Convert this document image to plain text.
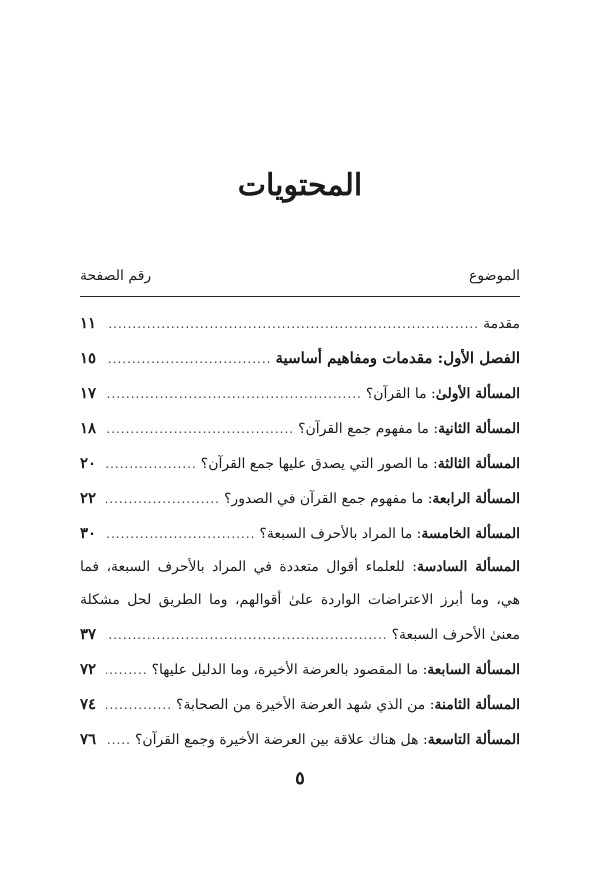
المحتويات
الموضوع
رقم الصفحة
مقدمة
.....
١١
الفصل الأول: مقدمات ومفاهيم أساسية
.....
١٥
المسألة الأولىٰ: ما القرآن؟
.....
١٧
المسألة الثانية: ما مفهوم جمع القرآن؟
.....
١٨
المسألة الثالثة: ما الصور التي يصدق عليها جمع القرآن؟
.....
٢٠
المسألة الرابعة: ما مفهوم جمع القرآن في الصدور؟
.....
٢٢
المسألة الخامسة: ما المراد بالأحرف السبعة؟
.....
٣٠
المسألة السادسة: للعلماء أقوال متعددة في المراد بالأحرف السبعة، فما
هي، وما أبرز الاعتراضات الواردة علىٰ أقوالهم، وما الطريق لحل مشكلة
معنىٰ الأحرف السبعة؟
.....
٣٧
المسألة السابعة: ما المقصود بالعرضة الأخيرة، وما الدليل عليها؟
.....
٧٢
المسألة الثامنة: من الذي شهد العرضة الأخيرة من الصحابة؟
.....
٧٤
المسألة التاسعة: هل هناك علاقة بين العرضة الأخيرة وجمع القرآن؟
.....
٧٦
٥
